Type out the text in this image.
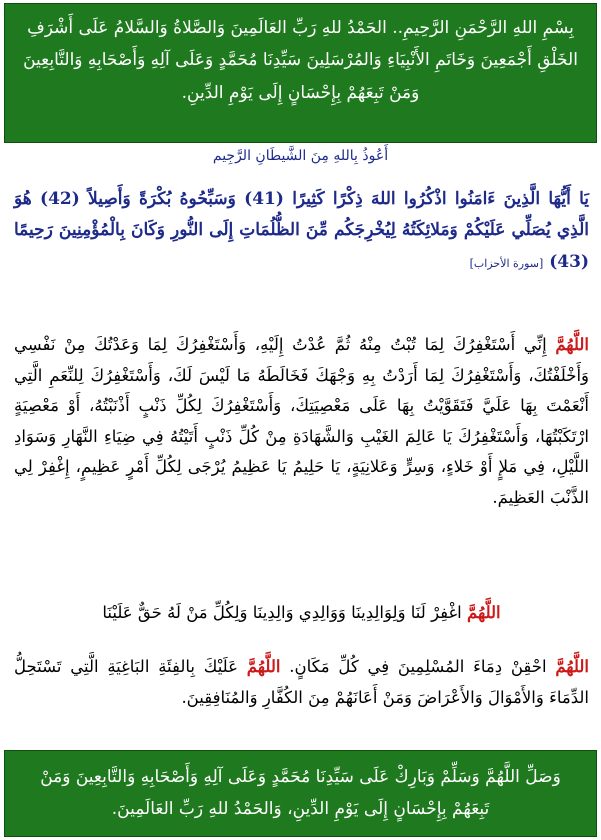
بِسْمِ اللهِ الرَّحْمَنِ الرَّحِيمِ.. الحَمْدُ للهِ رَبِّ العَالَمِينَ وَالصَّلاةُ وَالسَّلامُ عَلَى أَشْرَفِ الخَلْقِ أَجْمَعِينَ وَخَاتَمِ الأَنْبِيَاءِ وَالمُرْسَلِينَ سَيِّدِنَا مُحَمَّدٍ وَعَلَى آلِهِ وَأَصْحَابِهِ وَالتَّابِعِينَ وَمَنْ تَبِعَهُمْ بِإِحْسَانٍ إِلَى يَوْمِ الدِّينِ.
أَعُوذُ بِاللهِ مِنَ الشَّيطَانِ الرَّجِيم
يَا أَيُّهَا الَّذِينَ ءَامَنُوا اذْكُرُوا اللهَ ذِكْرًا كَثِيرًا (41) وَسَبِّحُوهُ بُكْرَةً وَأَصِيلاً (42) هُوَ الَّذِي يُصَلِّي عَلَيْكُمْ وَمَلائِكَتُهُ لِيُخْرِجَكُم مِّنَ الظُّلُمَاتِ إِلَى النُّورِ وَكَانَ بِالْمُؤْمِنِينَ رَحِيمًا (43) [سورة الأحزاب]
اللَّهُمَّ إِنِّي أَسْتَغْفِرُكَ لِمَا تُبْتُ مِنْهُ ثُمَّ عُدْتُ إِلَيْهِ، وَأَسْتَغْفِرُكَ لِمَا وَعَدْتُكَ مِنْ نَفْسِي وَأَخْلَفْتُكَ، وَأَسْتَغْفِرُكَ لِمَا أَرَدْتُ بِهِ وَجْهَكَ فَخَالَطَهُ مَا لَيْسَ لَكَ، وَأَسْتَغْفِرُكَ لِلنِّعَمِ الَّتِي أَنْعَمْتَ بِهَا عَلَيَّ فَتَقَوَّيْتُ بِهَا عَلَى مَعْصِيَتِكَ، وَأَسْتَغْفِرُكَ لِكُلِّ ذَنْبٍ أَذْنَبْتُهُ، أَوْ مَعْصِيَةٍ ارْتَكَبْتُهَا، وَأَسْتَغْفِرُكَ يَا عَالِمَ الغَيْبِ وَالشَّهَادَةِ مِنْ كُلِّ ذَنْبٍ أَتَيْتُهُ فِي ضِيَاءِ النَّهَارِ وَسَوَادِ اللَّيْلِ، فِي مَلإٍ أَوْ خَلاءٍ، وَسِرٍّ وَعَلانِيَةٍ، يَا حَلِيمُ يَا عَظِيمُ يُرْجَى لِكُلِّ أَمْرٍ عَظِيمٍ، إِغْفِرْ لِي الذَّنْبَ العَظِيمَ.
اللَّهُمَّ اغْفِرْ لَنَا وَلِوَالِدِينَا وَوَالِدِي وَالِدِينَا وَلِكُلِّ مَنْ لَهُ حَقٌّ عَلَيْنَا
اللَّهُمَّ احْقِنْ دِمَاءَ المُسْلِمِينَ فِي كُلِّ مَكَانٍ. اللَّهُمَّ عَلَيْكَ بِالفِئَةِ البَاغِيَةِ الَّتِي تَسْتَحِلُّ الدِّمَاءَ وَالأَمْوَالَ وَالأَعْرَاضَ وَمَنْ أَعَانَهُمْ مِنَ الكُفَّارِ وَالمُنَافِقِينَ.
وَصَلِّ اللَّهُمَّ وَسَلِّمْ وَبَارِكْ عَلَى سَيِّدِنَا مُحَمَّدٍ وَعَلَى آلِهِ وَأَصْحَابِهِ وَالتَّابِعِينَ وَمَنْ تَبِعَهُمْ بِإِحْسَانٍ إِلَى يَوْمِ الدِّينِ، وَالحَمْدُ للهِ رَبِّ العَالَمِينَ.
